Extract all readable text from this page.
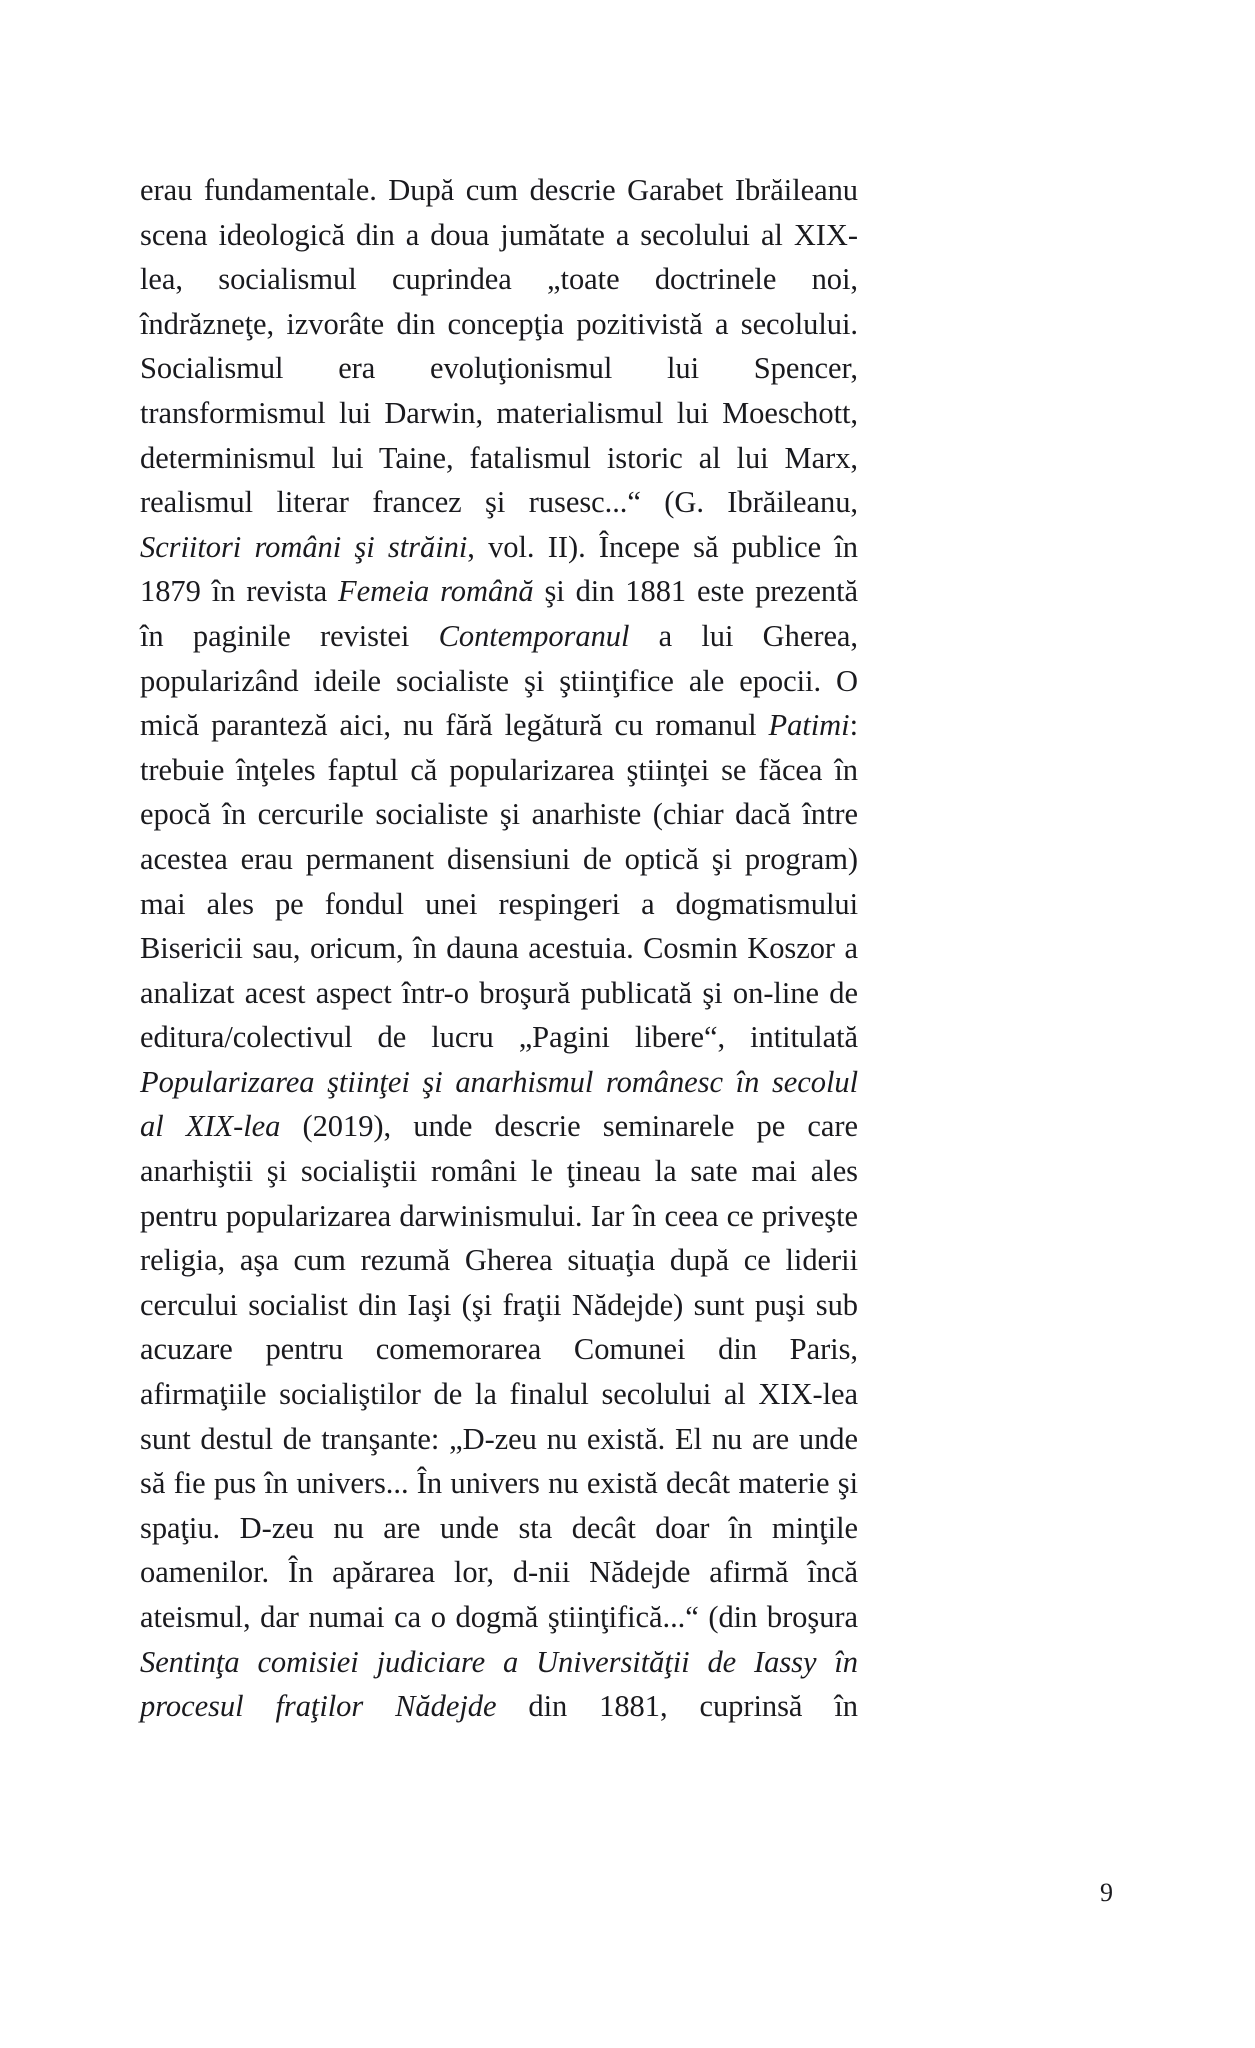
erau fundamentale. După cum descrie Garabet Ibrăileanu scena ideologică din a doua jumătate a secolului al XIX-lea, socialismul cuprindea „toate doctrinele noi, îndrăzneţe, izvorâte din concepţia pozitivistă a secolului. Socialismul era evoluţionismul lui Spencer, transformismul lui Darwin, materialismul lui Moeschott, determinismul lui Taine, fatalismul istoric al lui Marx, realismul literar francez şi rusesc...“ (G. Ibrăileanu, Scriitori români şi străini, vol. II). Începe să publice în 1879 în revista Femeia română şi din 1881 este prezentă în paginile revistei Contemporanul a lui Gherea, popularizând ideile socialiste şi ştiinţifice ale epocii. O mică paranteză aici, nu fără legătură cu romanul Patimi: trebuie înţeles faptul că popularizarea ştiinţei se făcea în epocă în cercurile socialiste şi anarhiste (chiar dacă între acestea erau permanent disensiuni de optică şi program) mai ales pe fondul unei respingeri a dogmatismului Bisericii sau, oricum, în dauna acestuia. Cosmin Koszor a analizat acest aspect într-o broşură publicată şi on-line de editura/colectivul de lucru „Pagini libere“, intitulată Popularizarea ştiinţei şi anarhismul românesc în secolul al XIX-lea (2019), unde descrie seminarele pe care anarhiştii şi socialiştii români le ţineau la sate mai ales pentru popularizarea darwinismului. Iar în ceea ce priveşte religia, aşa cum rezumă Gherea situaţia după ce liderii cercului socialist din Iaşi (şi fraţii Nădejde) sunt puşi sub acuzare pentru comemorarea Comunei din Paris, afirmaţiile socialiştilor de la finalul secolului al XIX-lea sunt destul de tranşante: „D-zeu nu există. El nu are unde să fie pus în univers... În univers nu există decât materie şi spaţiu. D-zeu nu are unde sta decât doar în minţile oamenilor. În apărarea lor, d-nii Nădejde afirmă încă ateismul, dar numai ca o dogmă ştiinţifică...“ (din broşura Sentinţa comisiei judiciare a Universităţii de Iassy în procesul fraţilor Nădejde din 1881, cuprinsă în

9
